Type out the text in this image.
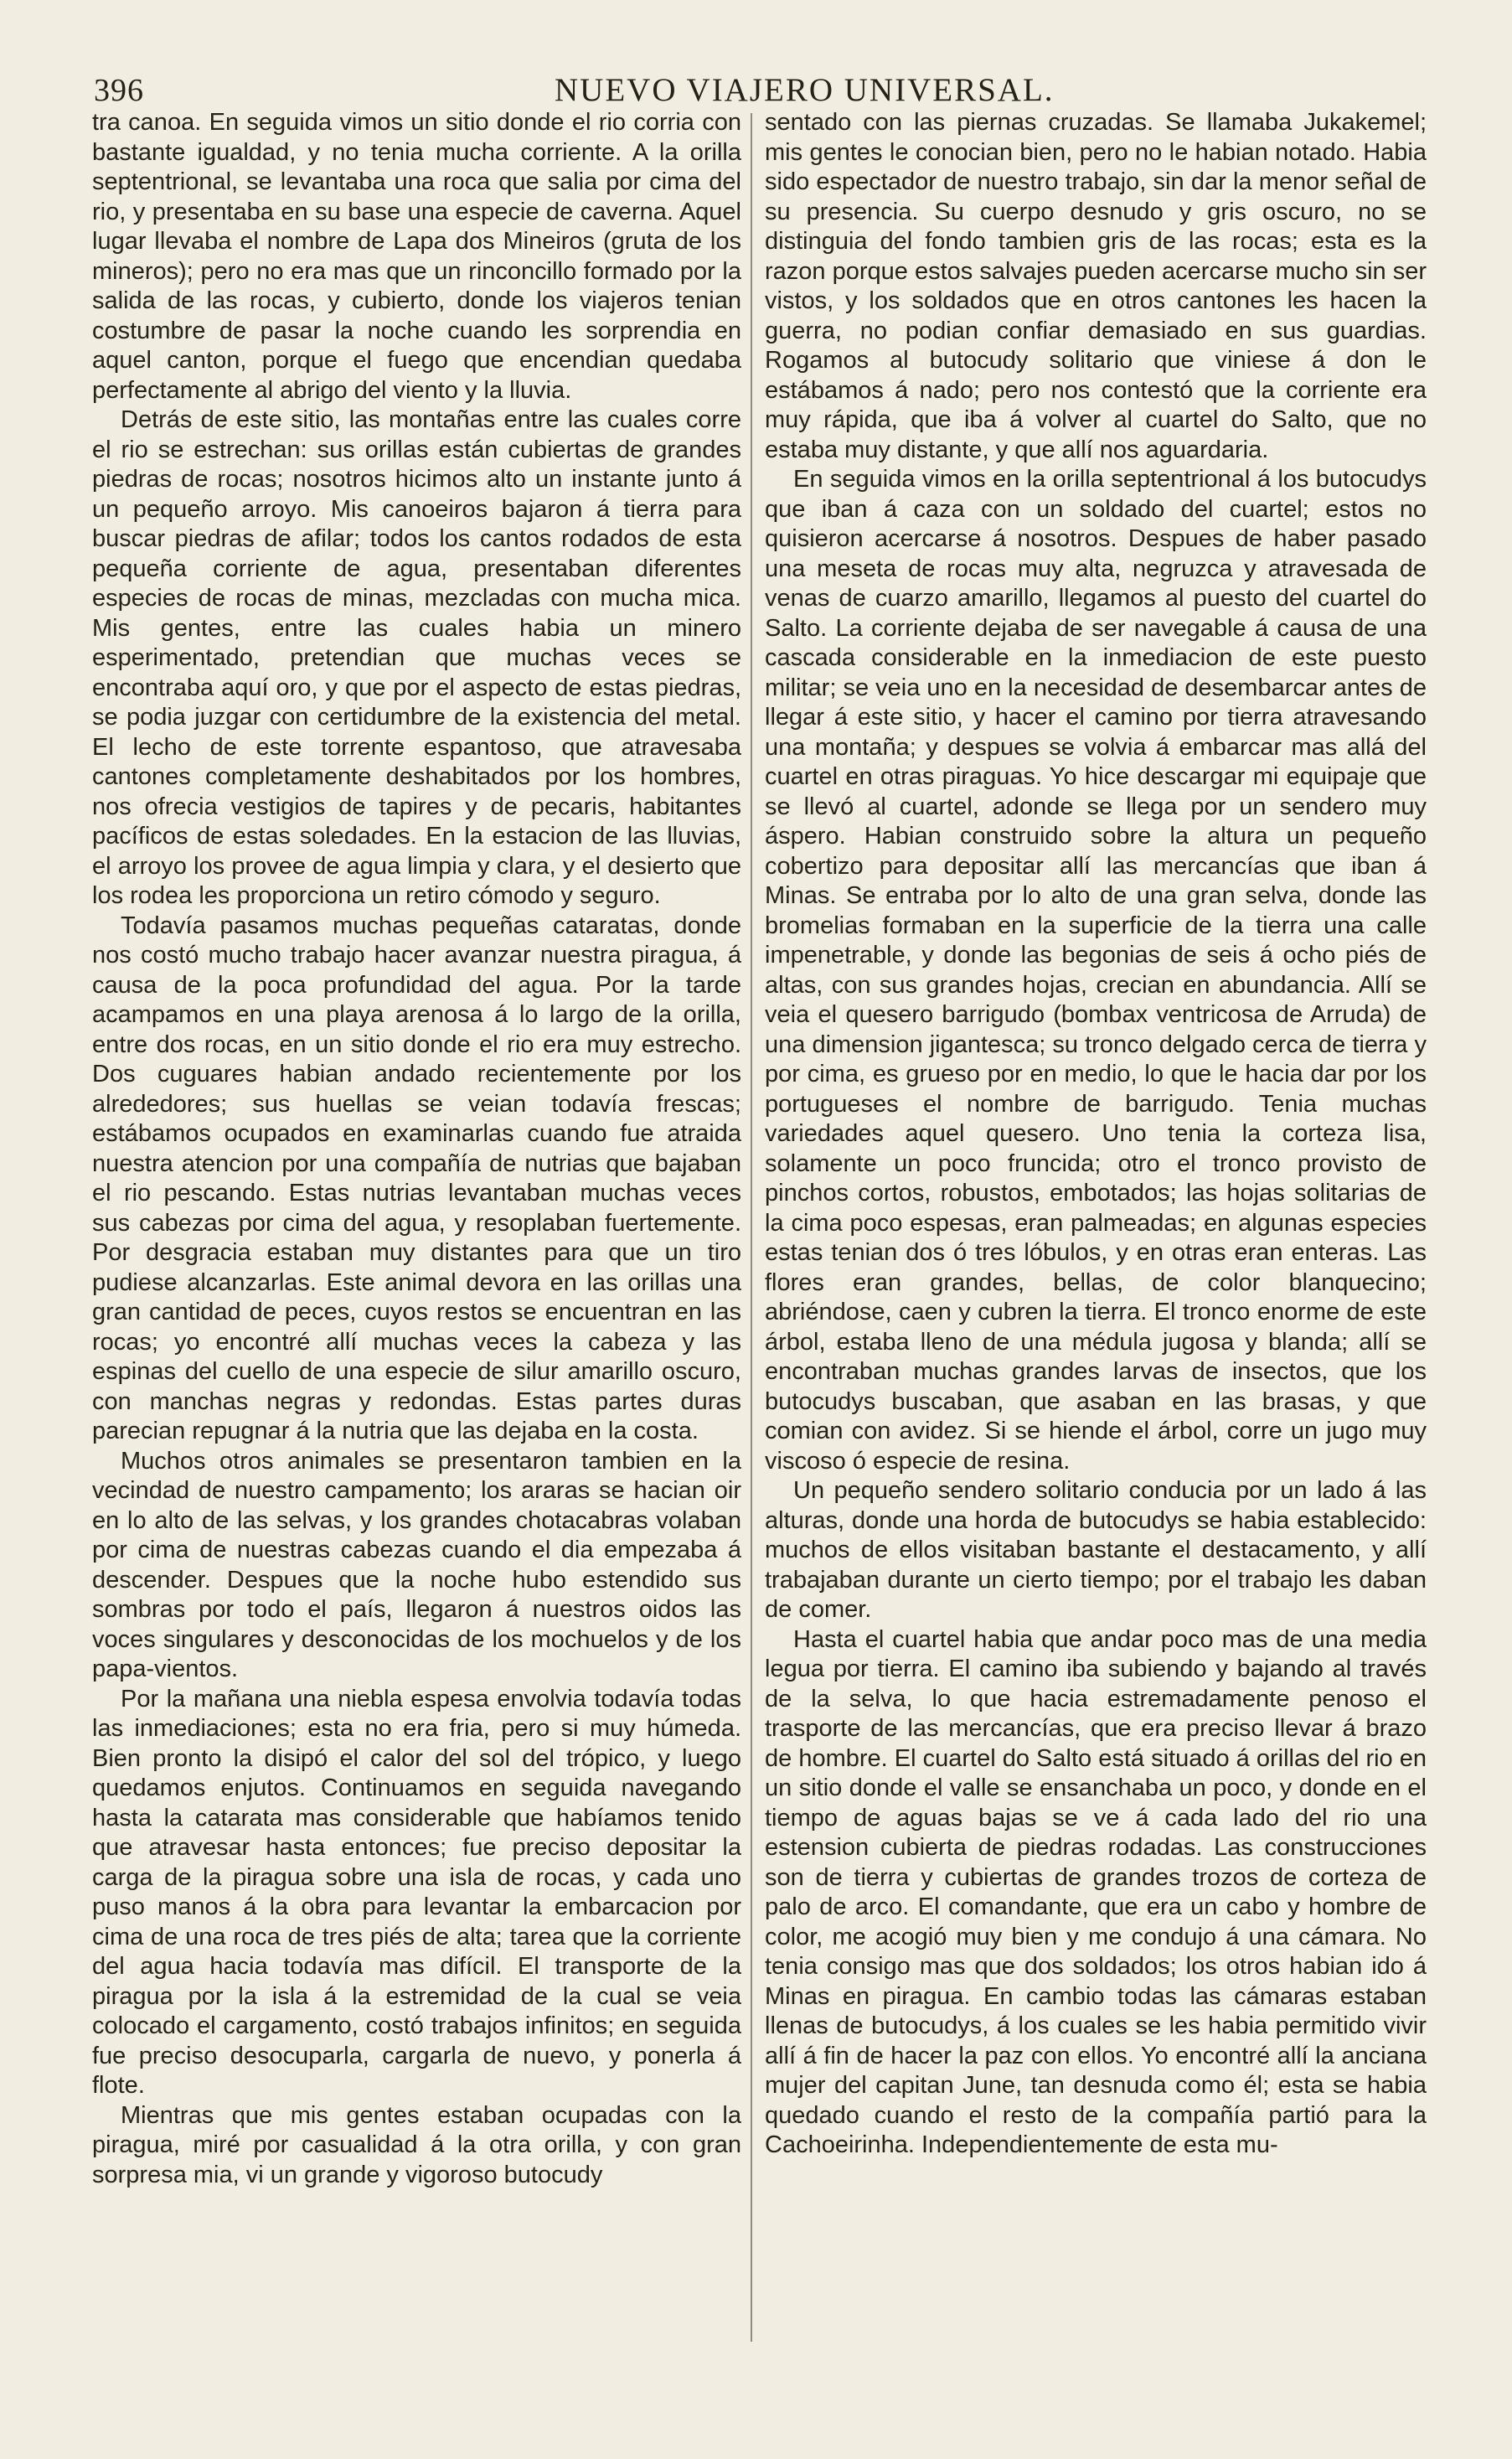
396	NUEVO VIAJERO UNIVERSAL.

tra canoa. En seguida vimos un sitio donde el rio corria con bastante igualdad, y no tenia mucha corriente. A la orilla septentrional, se levantaba una roca que salia por cima del rio, y presentaba en su base una especie de caverna. Aquel lugar llevaba el nombre de Lapa dos Mineiros (gruta de los mineros); pero no era mas que un rinconcillo formado por la salida de las rocas, y cubierto, donde los viajeros tenian costumbre de pasar la noche cuando les sorprendia en aquel canton, porque el fuego que encendian quedaba perfectamente al abrigo del viento y la lluvia.

Detrás de este sitio, las montañas entre las cuales corre el rio se estrechan: sus orillas están cubiertas de grandes piedras de rocas; nosotros hicimos alto un instante junto á un pequeño arroyo. Mis canoeiros bajaron á tierra para buscar piedras de afilar; todos los cantos rodados de esta pequeña corriente de agua, presentaban diferentes especies de rocas de minas, mezcladas con mucha mica. Mis gentes, entre las cuales habia un minero esperimentado, pretendian que muchas veces se encontraba aquí oro, y que por el aspecto de estas piedras, se podia juzgar con certidumbre de la existencia del metal. El lecho de este torrente espantoso, que atravesaba cantones completamente deshabitados por los hombres, nos ofrecia vestigios de tapires y de pecaris, habitantes pacíficos de estas soledades. En la estacion de las lluvias, el arroyo los provee de agua limpia y clara, y el desierto que los rodea les proporciona un retiro cómodo y seguro.

Todavía pasamos muchas pequeñas cataratas, donde nos costó mucho trabajo hacer avanzar nuestra piragua, á causa de la poca profundidad del agua. Por la tarde acampamos en una playa arenosa á lo largo de la orilla, entre dos rocas, en un sitio donde el rio era muy estrecho. Dos cuguares habian andado recientemente por los alrededores; sus huellas se veian todavía frescas; estábamos ocupados en examinarlas cuando fue atraida nuestra atencion por una compañía de nutrias que bajaban el rio pescando. Estas nutrias levantaban muchas veces sus cabezas por cima del agua, y resoplaban fuertemente. Por desgracia estaban muy distantes para que un tiro pudiese alcanzarlas. Este animal devora en las orillas una gran cantidad de peces, cuyos restos se encuentran en las rocas; yo encontré allí muchas veces la cabeza y las espinas del cuello de una especie de silur amarillo oscuro, con manchas negras y redondas. Estas partes duras parecian repugnar á la nutria que las dejaba en la costa.

Muchos otros animales se presentaron tambien en la vecindad de nuestro campamento; los araras se hacian oir en lo alto de las selvas, y los grandes chotacabras volaban por cima de nuestras cabezas cuando el dia empezaba á descender. Despues que la noche hubo estendido sus sombras por todo el país, llegaron á nuestros oidos las voces singulares y desconocidas de los mochuelos y de los papa-vientos.

Por la mañana una niebla espesa envolvia todavía todas las inmediaciones; esta no era fria, pero si muy húmeda. Bien pronto la disipó el calor del sol del trópico, y luego quedamos enjutos. Continuamos en seguida navegando hasta la catarata mas considerable que habíamos tenido que atravesar hasta entonces; fue preciso depositar la carga de la piragua sobre una isla de rocas, y cada uno puso manos á la obra para levantar la embarcacion por cima de una roca de tres piés de alta; tarea que la corriente del agua hacia todavía mas difícil. El transporte de la piragua por la isla á la estremidad de la cual se veia colocado el cargamento, costó trabajos infinitos; en seguida fue preciso desocuparla, cargarla de nuevo, y ponerla á flote.

Mientras que mis gentes estaban ocupadas con la piragua, miré por casualidad á la otra orilla, y con gran sorpresa mia, vi un grande y vigoroso butocudy

sentado con las piernas cruzadas. Se llamaba Jukakemel; mis gentes le conocian bien, pero no le habian notado. Habia sido espectador de nuestro trabajo, sin dar la menor señal de su presencia. Su cuerpo desnudo y gris oscuro, no se distinguia del fondo tambien gris de las rocas; esta es la razon porque estos salvajes pueden acercarse mucho sin ser vistos, y los soldados que en otros cantones les hacen la guerra, no podian confiar demasiado en sus guardias. Rogamos al butocudy solitario que viniese á don le estábamos á nado; pero nos contestó que la corriente era muy rápida, que iba á volver al cuartel do Salto, que no estaba muy distante, y que allí nos aguardaria.

En seguida vimos en la orilla septentrional á los butocudys que iban á caza con un soldado del cuartel; estos no quisieron acercarse á nosotros. Despues de haber pasado una meseta de rocas muy alta, negruzca y atravesada de venas de cuarzo amarillo, llegamos al puesto del cuartel do Salto. La corriente dejaba de ser navegable á causa de una cascada considerable en la inmediacion de este puesto militar; se veia uno en la necesidad de desembarcar antes de llegar á este sitio, y hacer el camino por tierra atravesando una montaña; y despues se volvia á embarcar mas allá del cuartel en otras piraguas. Yo hice descargar mi equipaje que se llevó al cuartel, adonde se llega por un sendero muy áspero. Habian construido sobre la altura un pequeño cobertizo para depositar allí las mercancías que iban á Minas. Se entraba por lo alto de una gran selva, donde las bromelias formaban en la superficie de la tierra una calle impenetrable, y donde las begonias de seis á ocho piés de altas, con sus grandes hojas, crecian en abundancia. Allí se veia el quesero barrigudo (bombax ventricosa de Arruda) de una dimension jigantesca; su tronco delgado cerca de tierra y por cima, es grueso por en medio, lo que le hacia dar por los portugueses el nombre de barrigudo. Tenia muchas variedades aquel quesero. Uno tenia la corteza lisa, solamente un poco fruncida; otro el tronco provisto de pinchos cortos, robustos, embotados; las hojas solitarias de la cima poco espesas, eran palmeadas; en algunas especies estas tenian dos ó tres lóbulos, y en otras eran enteras. Las flores eran grandes, bellas, de color blanquecino; abriéndose, caen y cubren la tierra. El tronco enorme de este árbol, estaba lleno de una médula jugosa y blanda; allí se encontraban muchas grandes larvas de insectos, que los butocudys buscaban, que asaban en las brasas, y que comian con avidez. Si se hiende el árbol, corre un jugo muy viscoso ó especie de resina.

Un pequeño sendero solitario conducia por un lado á las alturas, donde una horda de butocudys se habia establecido: muchos de ellos visitaban bastante el destacamento, y allí trabajaban durante un cierto tiempo; por el trabajo les daban de comer.

Hasta el cuartel habia que andar poco mas de una media legua por tierra. El camino iba subiendo y bajando al través de la selva, lo que hacia estremadamente penoso el trasporte de las mercancías, que era preciso llevar á brazo de hombre. El cuartel do Salto está situado á orillas del rio en un sitio donde el valle se ensanchaba un poco, y donde en el tiempo de aguas bajas se ve á cada lado del rio una estension cubierta de piedras rodadas. Las construcciones son de tierra y cubiertas de grandes trozos de corteza de palo de arco. El comandante, que era un cabo y hombre de color, me acogió muy bien y me condujo á una cámara. No tenia consigo mas que dos soldados; los otros habian ido á Minas en piragua. En cambio todas las cámaras estaban llenas de butocudys, á los cuales se les habia permitido vivir allí á fin de hacer la paz con ellos. Yo encontré allí la anciana mujer del capitan June, tan desnuda como él; esta se habia quedado cuando el resto de la compañía partió para la Cachoeirinha. Independientemente de esta mu-
